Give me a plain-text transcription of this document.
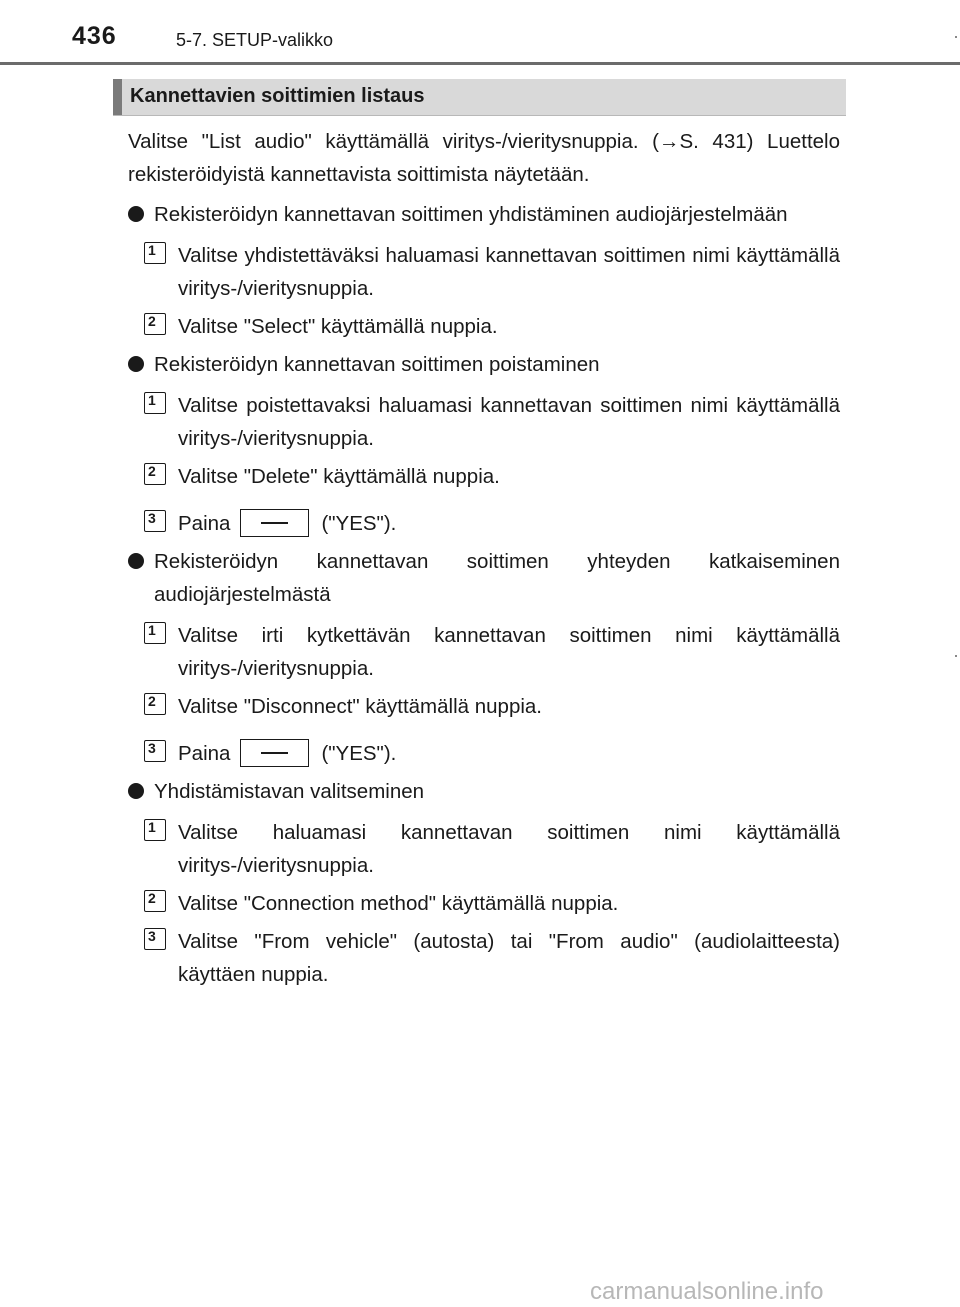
436	5-7. SETUP-valikko
Kannettavien soittimien listaus

Valitse "List audio" käyttämällä viritys-/vieritysnuppia. (→S. 431) Luettelo rekisteröidyistä kannettavista soittimista näytetään.

Rekisteröidyn kannettavan soittimen yhdistäminen audiojärjestelmään
1	Valitse yhdistettäväksi haluamasi kannettavan soittimen nimi käyttämällä viritys-/vieritysnuppia.
2	Valitse "Select" käyttämällä nuppia.
Rekisteröidyn kannettavan soittimen poistaminen
1	Valitse poistettavaksi haluamasi kannettavan soittimen nimi käyttämällä viritys-/vieritysnuppia.
2	Valitse "Delete" käyttämällä nuppia.
3	Paina	("YES").
Rekisteröidyn kannettavan soittimen yhteyden katkaiseminen audiojärjestelmästä
1	Valitse irti kytkettävän kannettavan soittimen nimi käyttämällä viritys-/vieritysnuppia.
2	Valitse "Disconnect" käyttämällä nuppia.
3	Paina	("YES").
Yhdistämistavan valitseminen
1	Valitse haluamasi kannettavan soittimen nimi käyttämällä viritys-/vieritysnuppia.
2	Valitse "Connection method" käyttämällä nuppia.
3	Valitse "From vehicle" (autosta) tai "From audio" (audiolaitteesta) käyttäen nuppia.
carmanualsonline.info
